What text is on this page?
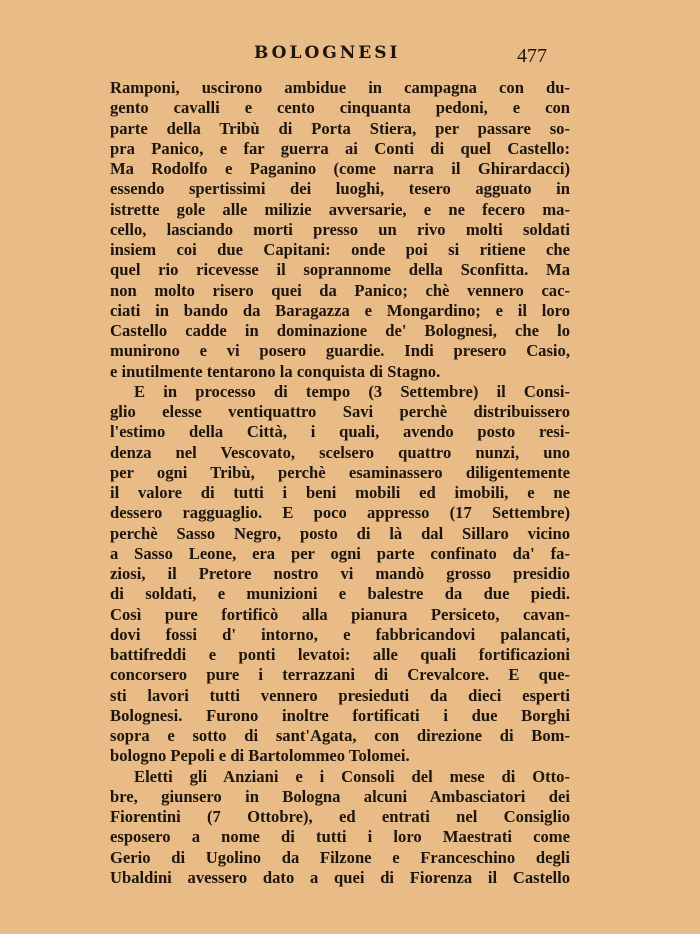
BOLOGNESI	477
Ramponi, uscirono ambidue in campagna con du-
gento cavalli e cento cinquanta pedoni, e con
parte della Tribù di Porta Stiera, per passare so-
pra Panico, e far guerra ai Conti di quel Castello:
Ma Rodolfo e Paganino (come narra il Ghirardacci)
essendo spertissimi dei luoghi, tesero agguato in
istrette gole alle milizie avversarie, e ne fecero ma-
cello, lasciando morti presso un rivo molti soldati
insiem coi due Capitani: onde poi si ritiene che
quel rio ricevesse il soprannome della Sconfitta. Ma
non molto risero quei da Panico; chè vennero cac-
ciati in bando da Baragazza e Mongardino; e il loro
Castello cadde in dominazione de' Bolognesi, che lo
munirono e vi posero guardie. Indi presero Casio,
e inutilmente tentarono la conquista di Stagno.
E in processo di tempo (3 Settembre) il Consi-
glio elesse ventiquattro Savi perchè distribuissero
l'estimo della Città, i quali, avendo posto resi-
denza nel Vescovato, scelsero quattro nunzi, uno
per ogni Tribù, perchè esaminassero diligentemente
il valore di tutti i beni mobili ed imobili, e ne
dessero ragguaglio. E poco appresso (17 Settembre)
perchè Sasso Negro, posto di là dal Sillaro vicino
a Sasso Leone, era per ogni parte confinato da' fa-
ziosi, il Pretore nostro vi mandò grosso presidio
di soldati, e munizioni e balestre da due piedi.
Così pure fortificò alla pianura Persiceto, cavan-
dovi fossi d' intorno, e fabbricandovi palancati,
battifreddi e ponti levatoi: alle quali fortificazioni
concorsero pure i terrazzani di Crevalcore. E que-
sti lavori tutti vennero presieduti da dieci esperti
Bolognesi. Furono inoltre fortificati i due Borghi
sopra e sotto di sant'Agata, con direzione di Bom-
bologno Pepoli e di Bartolommeo Tolomei.
Eletti gli Anziani e i Consoli del mese di Otto-
bre, giunsero in Bologna alcuni Ambasciatori dei
Fiorentini (7 Ottobre), ed entrati nel Consiglio
esposero a nome di tutti i loro Maestrati come
Gerio di Ugolino da Filzone e Franceschino degli
Ubaldini avessero dato a quei di Fiorenza il Castello
